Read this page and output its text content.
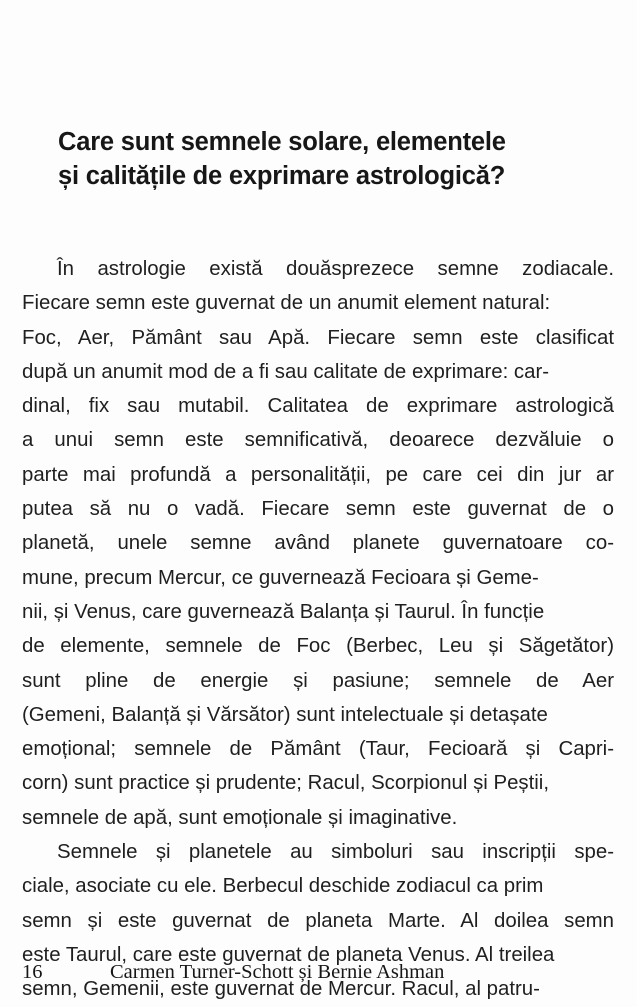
Care sunt semnele solare, elementele
și calitățile de exprimare astrologică?

În astrologie există douăsprezece semne zodiacale.
Fiecare semn este guvernat de un anumit element natural:
Foc, Aer, Pământ sau Apă. Fiecare semn este clasificat
după un anumit mod de a fi sau calitate de exprimare: car-
dinal, fix sau mutabil. Calitatea de exprimare astrologică
a unui semn este semnificativă, deoarece dezvăluie o
parte mai profundă a personalității, pe care cei din jur ar
putea să nu o vadă. Fiecare semn este guvernat de o
planetă, unele semne având planete guvernatoare co-
mune, precum Mercur, ce guvernează Fecioara și Geme-
nii, și Venus, care guvernează Balanța și Taurul. În funcție
de elemente, semnele de Foc (Berbec, Leu și Săgetător)
sunt pline de energie și pasiune; semnele de Aer
(Gemeni, Balanță și Vărsător) sunt intelectuale și detașate
emoțional; semnele de Pământ (Taur, Fecioară și Capri-
corn) sunt practice și prudente; Racul, Scorpionul și Peștii,
semnele de apă, sunt emoționale și imaginative.

Semnele și planetele au simboluri sau inscripții spe-
ciale, asociate cu ele. Berbecul deschide zodiacul ca prim
semn și este guvernat de planeta Marte. Al doilea semn
este Taurul, care este guvernat de planeta Venus. Al treilea
semn, Gemenii, este guvernat de Mercur. Racul, al patru-

16	Carmen Turner-Schott și Bernie Ashman
